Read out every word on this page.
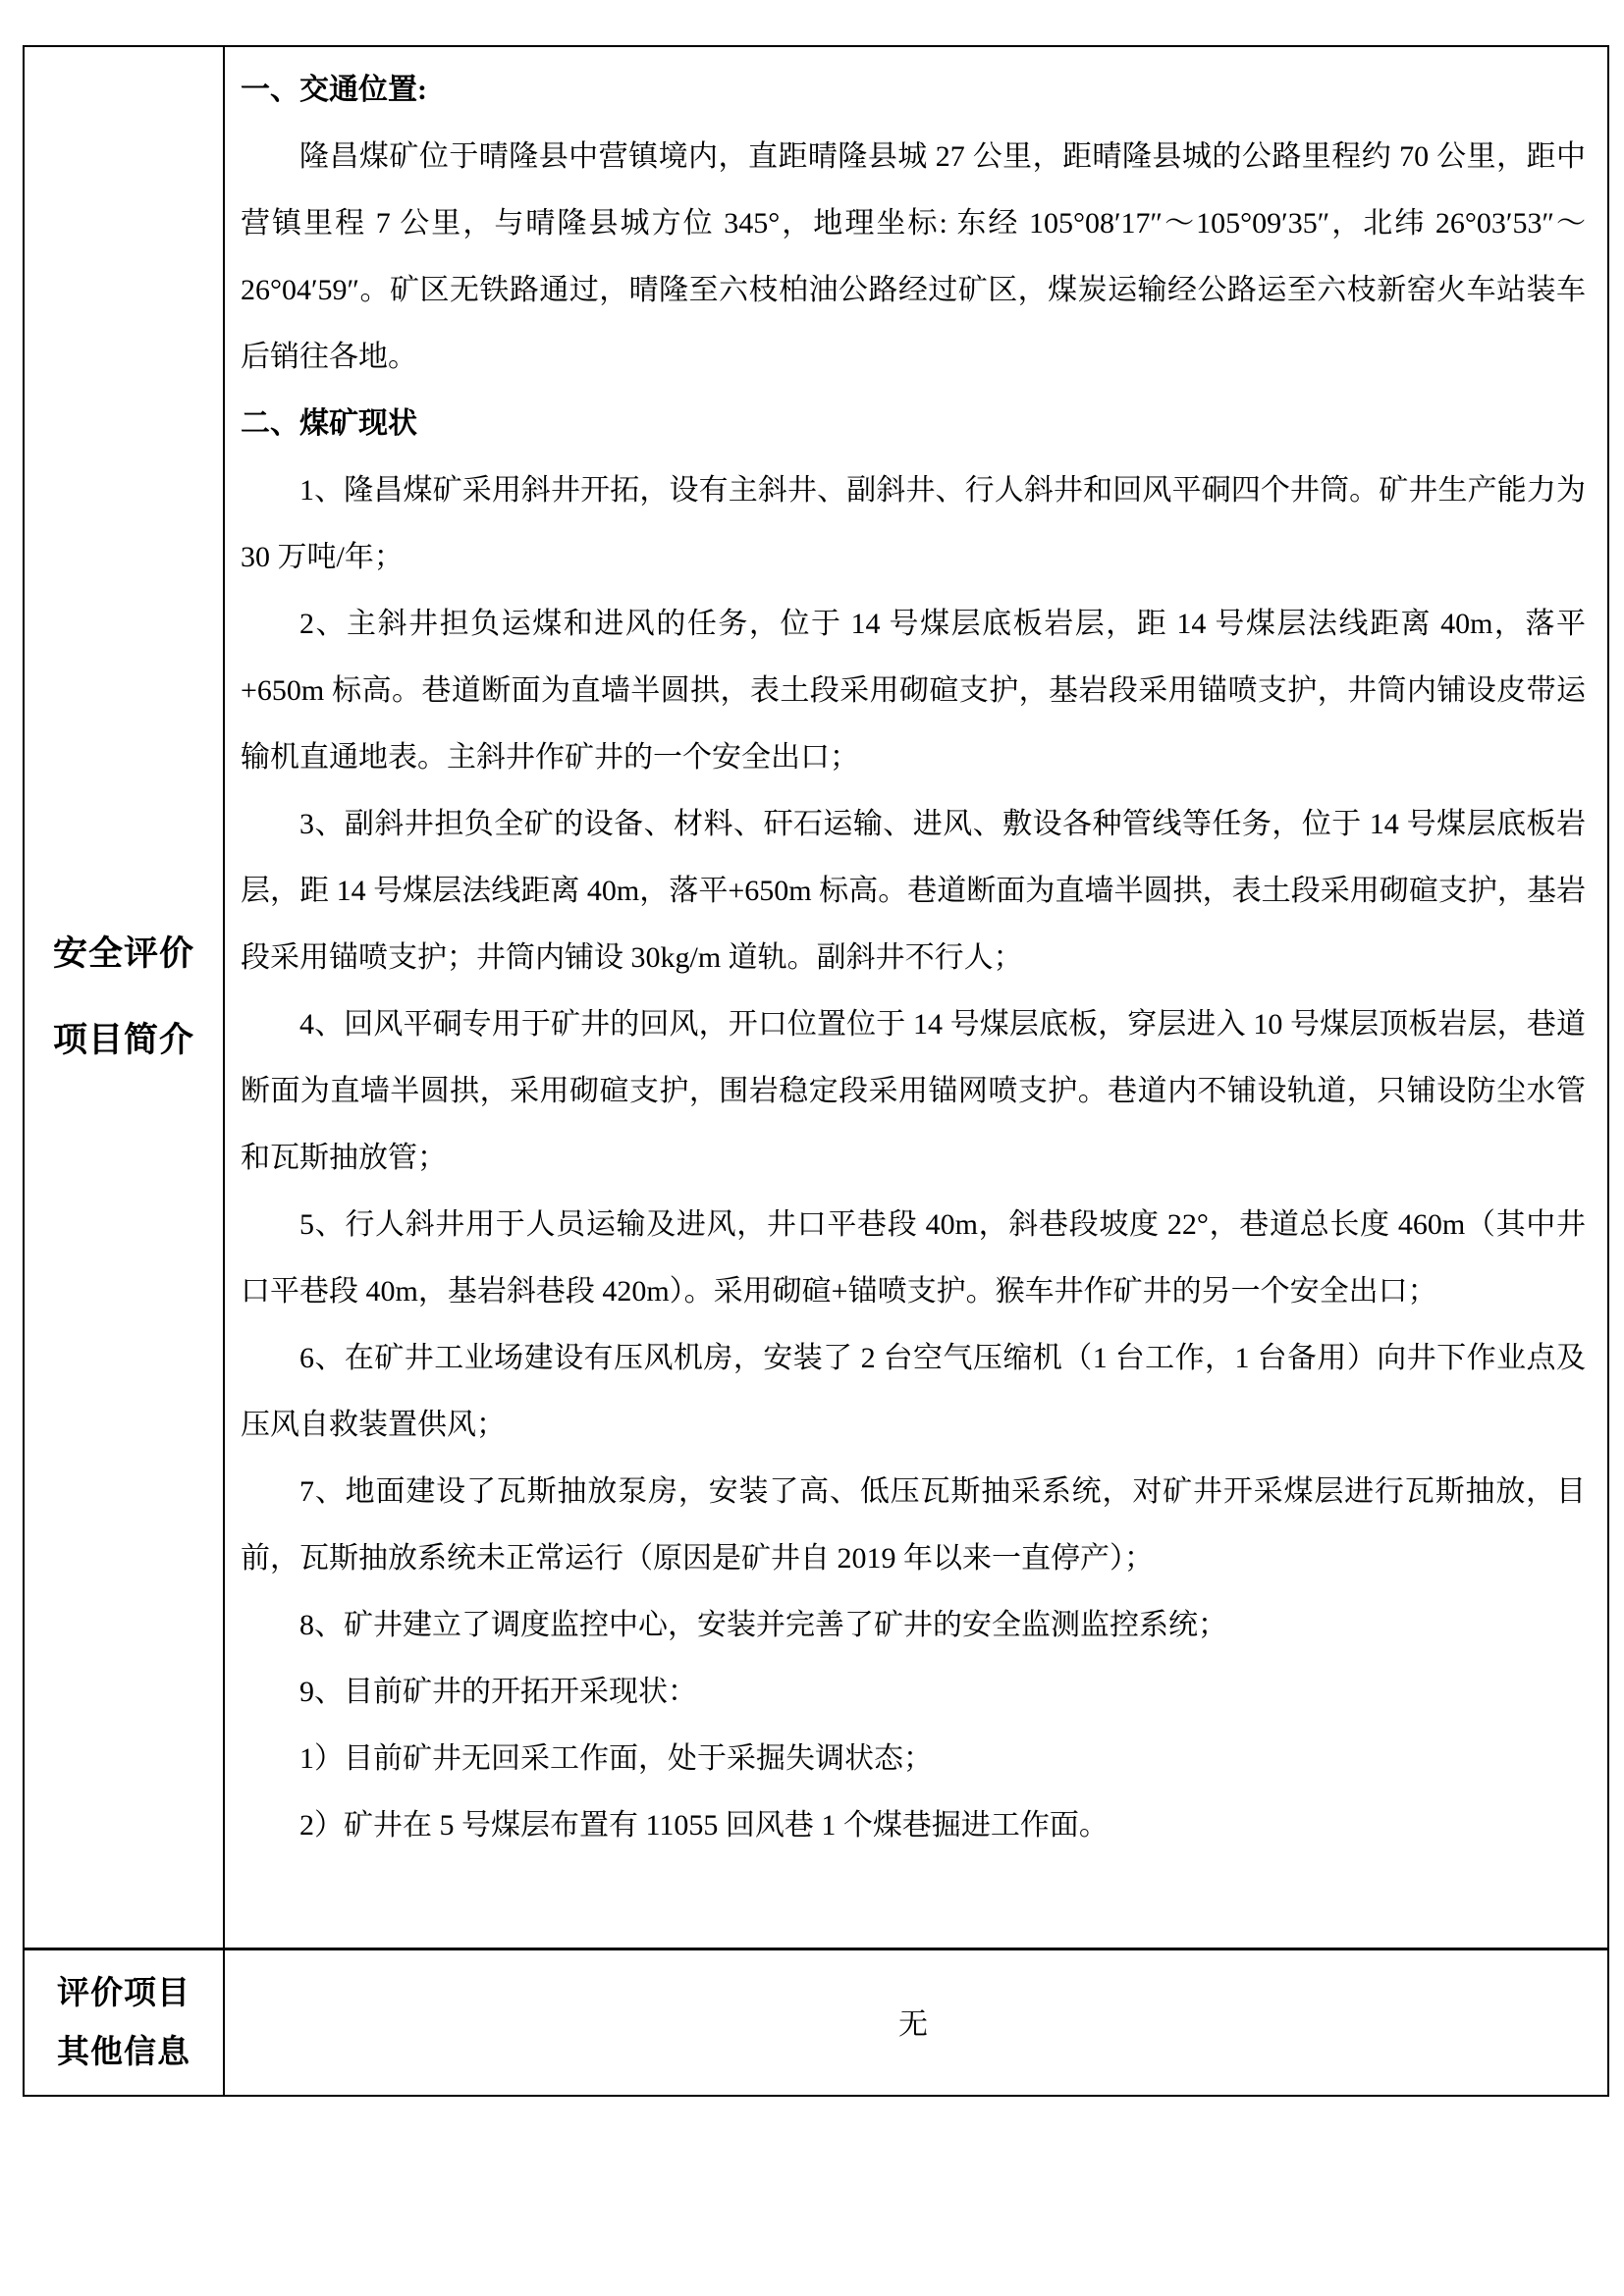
安全评价
项目简介

一、交通位置:

隆昌煤矿位于晴隆县中营镇境内，直距晴隆县城 27 公里，距晴隆县城的公路里程约 70 公里，距中营镇里程 7 公里，与晴隆县城方位 345°，地理坐标: 东经 105°08′17″～105°09′35″，北纬 26°03′53″～26°04′59″。矿区无铁路通过，晴隆至六枝柏油公路经过矿区，煤炭运输经公路运至六枝新窑火车站装车后销往各地。

二、煤矿现状

1、隆昌煤矿采用斜井开拓，设有主斜井、副斜井、行人斜井和回风平硐四个井筒。矿井生产能力为 30 万吨/年；

2、主斜井担负运煤和进风的任务，位于 14 号煤层底板岩层，距 14 号煤层法线距离 40m，落平+650m 标高。巷道断面为直墙半圆拱，表土段采用砌碹支护，基岩段采用锚喷支护，井筒内铺设皮带运输机直通地表。主斜井作矿井的一个安全出口；

3、副斜井担负全矿的设备、材料、矸石运输、进风、敷设各种管线等任务，位于 14 号煤层底板岩层，距 14 号煤层法线距离 40m，落平+650m 标高。巷道断面为直墙半圆拱，表土段采用砌碹支护，基岩段采用锚喷支护；井筒内铺设 30kg/m 道轨。副斜井不行人；

4、回风平硐专用于矿井的回风，开口位置位于 14 号煤层底板，穿层进入 10 号煤层顶板岩层，巷道断面为直墙半圆拱，采用砌碹支护，围岩稳定段采用锚网喷支护。巷道内不铺设轨道，只铺设防尘水管和瓦斯抽放管；

5、行人斜井用于人员运输及进风，井口平巷段 40m，斜巷段坡度 22°，巷道总长度 460m（其中井口平巷段 40m，基岩斜巷段 420m）。采用砌碹+锚喷支护。猴车井作矿井的另一个安全出口；

6、在矿井工业场建设有压风机房，安装了 2 台空气压缩机（1 台工作，1 台备用）向井下作业点及压风自救装置供风；

7、地面建设了瓦斯抽放泵房，安装了高、低压瓦斯抽采系统，对矿井开采煤层进行瓦斯抽放，目前，瓦斯抽放系统未正常运行（原因是矿井自 2019 年以来一直停产）；

8、矿井建立了调度监控中心，安装并完善了矿井的安全监测监控系统；

9、目前矿井的开拓开采现状：

1）目前矿井无回采工作面，处于采掘失调状态；

2）矿井在 5 号煤层布置有 11055 回风巷 1 个煤巷掘进工作面。

评价项目
其他信息	无
